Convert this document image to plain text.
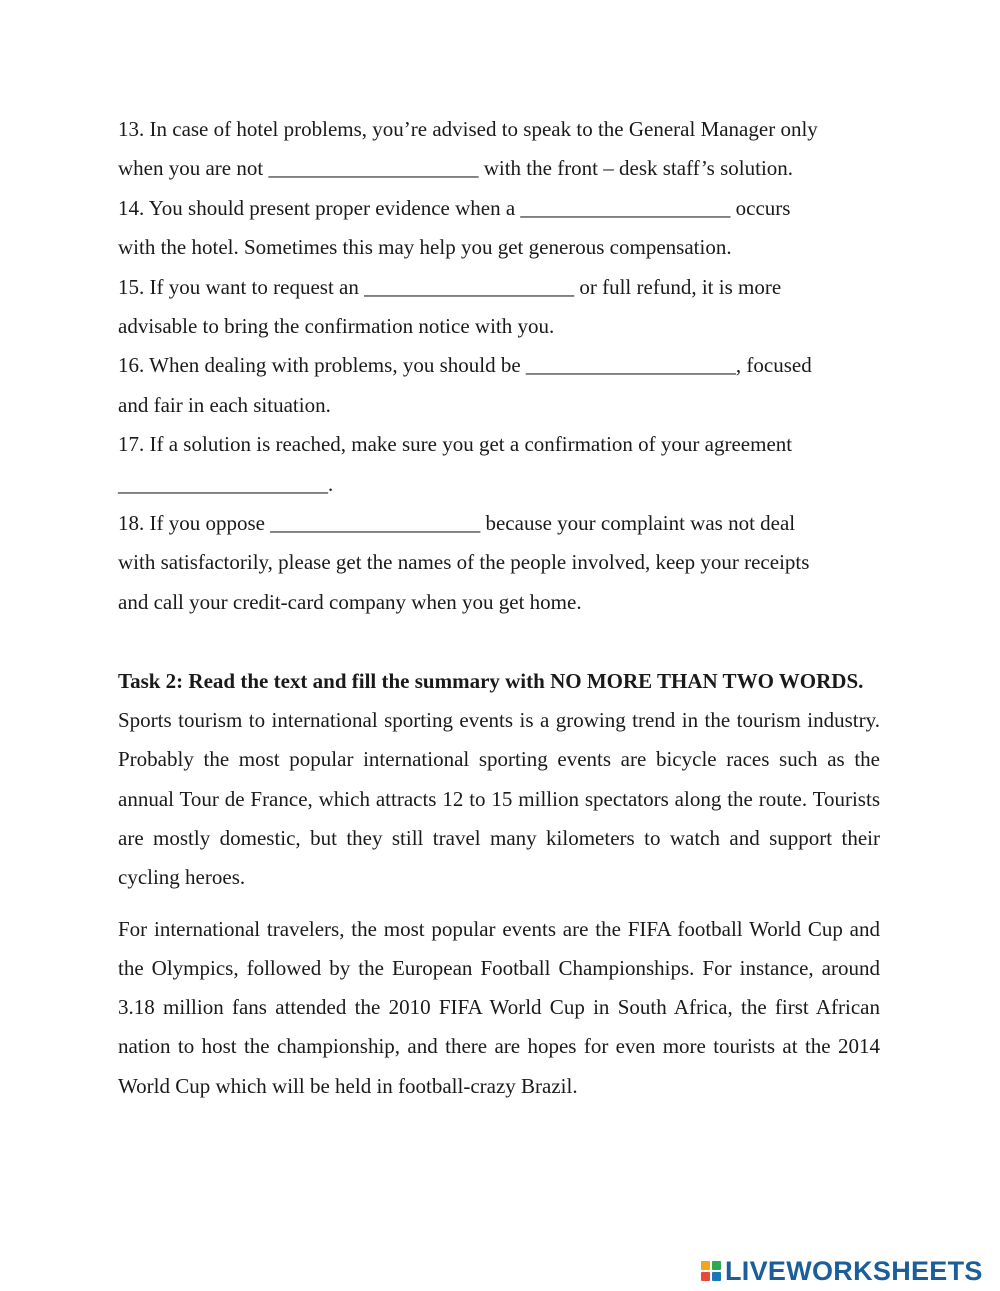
13. In case of hotel problems, you’re advised to speak to the General Manager only
when you are not ____________________ with the front – desk staff’s solution.
14. You should present proper evidence when a ____________________ occurs
with the hotel. Sometimes this may help you get generous compensation.
15. If you want to request an ____________________ or full refund, it is more
advisable to bring the confirmation notice with you.
16. When dealing with problems, you should be ____________________, focused
and fair in each situation.
17. If a solution is reached, make sure you get a confirmation of your agreement
____________________.
18. If you oppose ____________________ because your complaint was not deal
with satisfactorily, please get the names of the people involved, keep your receipts
and call your credit-card company when you get home.

Task 2: Read the text and fill the summary with NO MORE THAN TWO WORDS.

Sports tourism to international sporting events is a growing trend in the tourism industry. Probably the most popular international sporting events are bicycle races such as the annual Tour de France, which attracts 12 to 15 million spectators along the route. Tourists are mostly domestic, but they still travel many kilometers to watch and support their cycling heroes.

For international travelers, the most popular events are the FIFA football World Cup and the Olympics, followed by the European Football Championships. For instance, around 3.18 million fans attended the 2010 FIFA World Cup in South Africa, the first African nation to host the championship, and there are hopes for even more tourists at the 2014 World Cup which will be held in football-crazy Brazil.

LIVEWORKSHEETS
